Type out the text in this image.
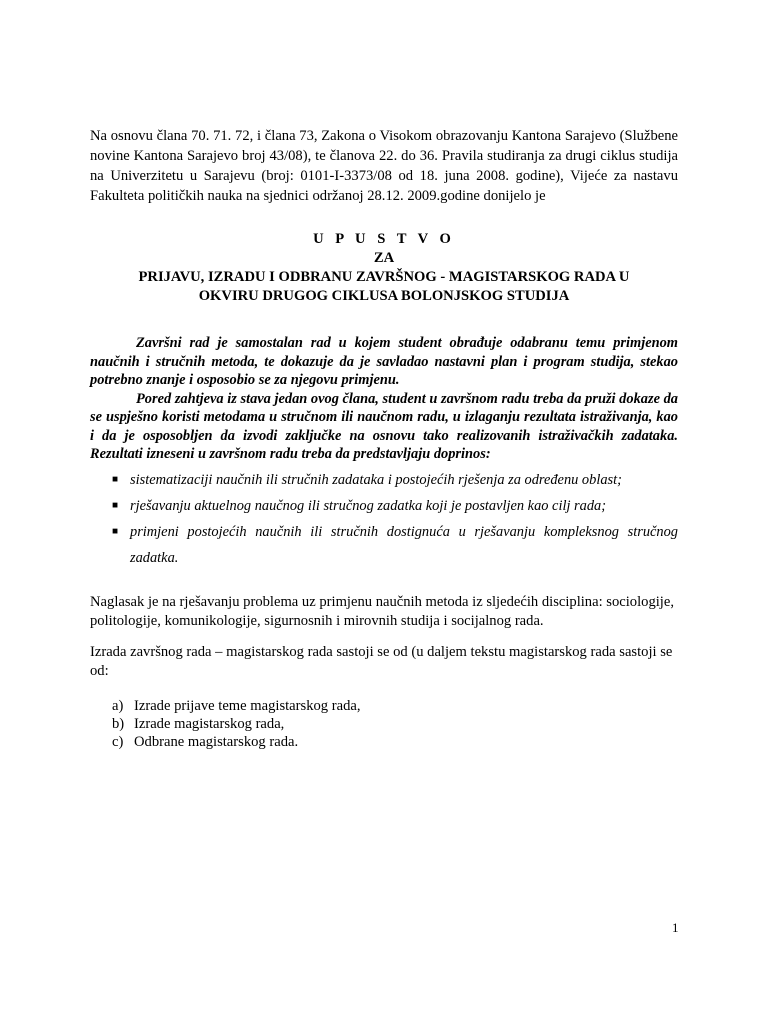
Na osnovu člana 70. 71. 72, i člana 73, Zakona o Visokom obrazovanju Kantona Sarajevo (Službene novine Kantona Sarajevo broj 43/08), te članova 22. do 36. Pravila studiranja za drugi ciklus studija na Univerzitetu u Sarajevu (broj: 0101-I-3373/08 od 18. juna 2008. godine), Vijeće za nastavu Fakulteta političkih nauka na sjednici održanoj 28.12. 2009.godine donijelo je

U P U S T V O
ZA
PRIJAVU, IZRADU I ODBRANU ZAVRŠNOG - MAGISTARSKOG RADA U
OKVIRU DRUGOG CIKLUSA BOLONJSKOG STUDIJA

Završni rad je samostalan rad u kojem student obrađuje odabranu temu primjenom naučnih i stručnih metoda, te dokazuje da je savladao nastavni plan i program studija, stekao potrebno znanje i osposobio se za njegovu primjenu.

Pored zahtjeva iz stava jedan ovog člana, student u završnom radu treba da pruži dokaze da se uspješno koristi metodama u stručnom ili naučnom radu, u izlaganju rezultata istraživanja, kao i da je osposobljen da izvodi zaključke na osnovu tako realizovanih istraživačkih zadataka. Rezultati izneseni u završnom radu treba da predstavljaju doprinos:

■ sistematizaciji naučnih ili stručnih zadataka i postojećih rješenja za određenu oblast;
■ rješavanju aktuelnog naučnog ili stručnog zadatka koji je postavljen kao cilj rada;
■ primjeni postojećih naučnih ili stručnih dostignuća u rješavanju kompleksnog stručnog zadatka.

Naglasak je na rješavanju problema uz primjenu naučnih metoda iz sljedećih disciplina: sociologije, politologije, komunikologije, sigurnosnih i mirovnih studija i socijalnog rada.

Izrada završnog rada – magistarskog rada sastoji se od (u daljem tekstu magistarskog rada sastoji se od:

a) Izrade prijave teme magistarskog rada,
b) Izrade magistarskog rada,
c) Odbrane magistarskog rada.

1
